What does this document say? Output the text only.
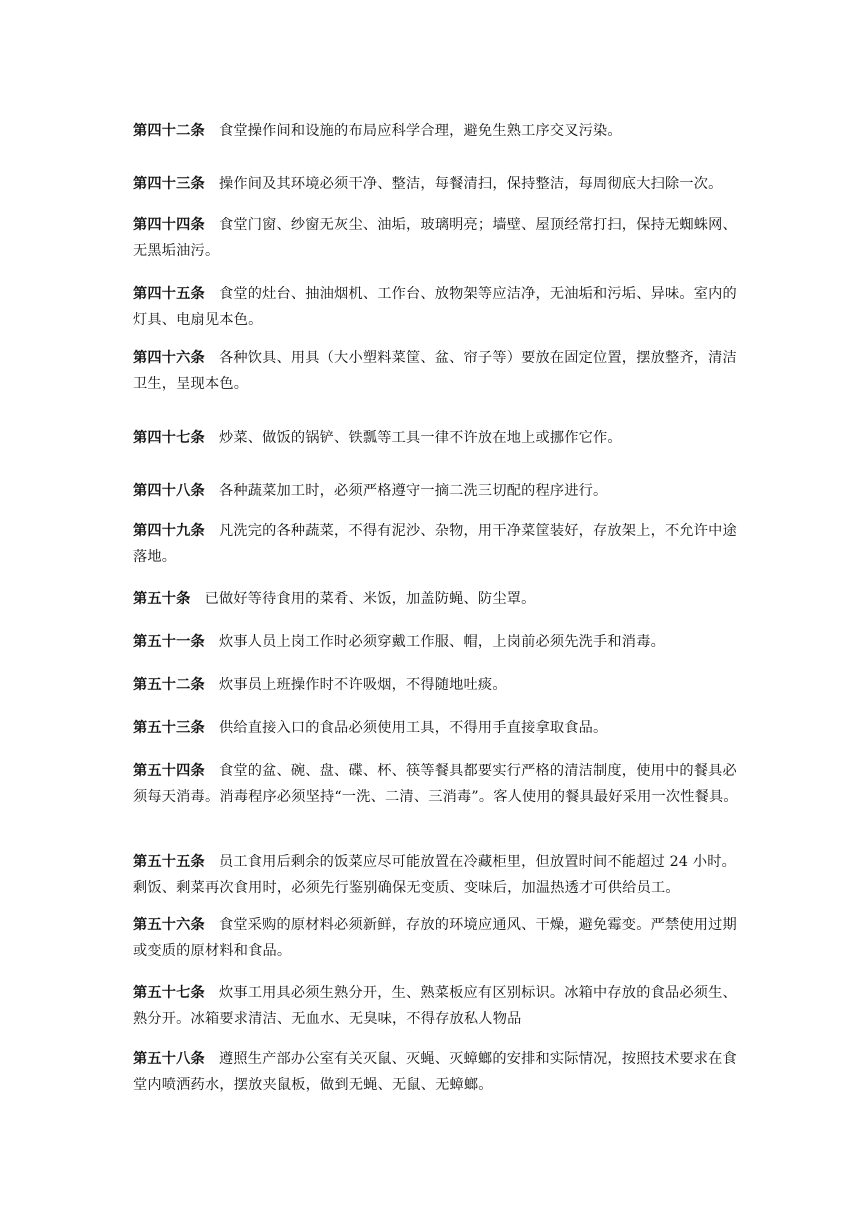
第四十二条 食堂操作间和设施的布局应科学合理，避免生熟工序交叉污染。

第四十三条 操作间及其环境必须干净、整洁，每餐清扫，保持整洁，每周彻底大扫除一次。

第四十四条 食堂门窗、纱窗无灰尘、油垢，玻璃明亮；墙壁、屋顶经常打扫，保持无蜘蛛网、无黑垢油污。

第四十五条 食堂的灶台、抽油烟机、工作台、放物架等应洁净，无油垢和污垢、异味。室内的灯具、电扇见本色。

第四十六条 各种饮具、用具（大小塑料菜筐、盆、帘子等）要放在固定位置，摆放整齐，清洁卫生，呈现本色。

第四十七条 炒菜、做饭的锅铲、铁瓢等工具一律不许放在地上或挪作它作。

第四十八条 各种蔬菜加工时，必须严格遵守一摘二洗三切配的程序进行。

第四十九条 凡洗完的各种蔬菜，不得有泥沙、杂物，用干净菜筐装好，存放架上，不允许中途落地。

第五十条 已做好等待食用的菜肴、米饭，加盖防蝇、防尘罩。

第五十一条 炊事人员上岗工作时必须穿戴工作服、帽，上岗前必须先洗手和消毒。

第五十二条 炊事员上班操作时不许吸烟，不得随地吐痰。

第五十三条 供给直接入口的食品必须使用工具，不得用手直接拿取食品。

第五十四条 食堂的盆、碗、盘、碟、杯、筷等餐具都要实行严格的清洁制度，使用中的餐具必须每天消毒。消毒程序必须坚持“一洗、二清、三消毒”。客人使用的餐具最好采用一次性餐具。

第五十五条 员工食用后剩余的饭菜应尽可能放置在冷藏柜里，但放置时间不能超过 24 小时。剩饭、剩菜再次食用时，必须先行鉴别确保无变质、变味后，加温热透才可供给员工。

第五十六条 食堂采购的原材料必须新鲜，存放的环境应通风、干燥，避免霉变。严禁使用过期或变质的原材料和食品。

第五十七条 炊事工用具必须生熟分开，生、熟菜板应有区别标识。冰箱中存放的食品必须生、熟分开。冰箱要求清洁、无血水、无臭味，不得存放私人物品

第五十八条 遵照生产部办公室有关灭鼠、灭蝇、灭蟑螂的安排和实际情况，按照技术要求在食堂内喷洒药水，摆放夹鼠板，做到无蝇、无鼠、无蟑螂。
